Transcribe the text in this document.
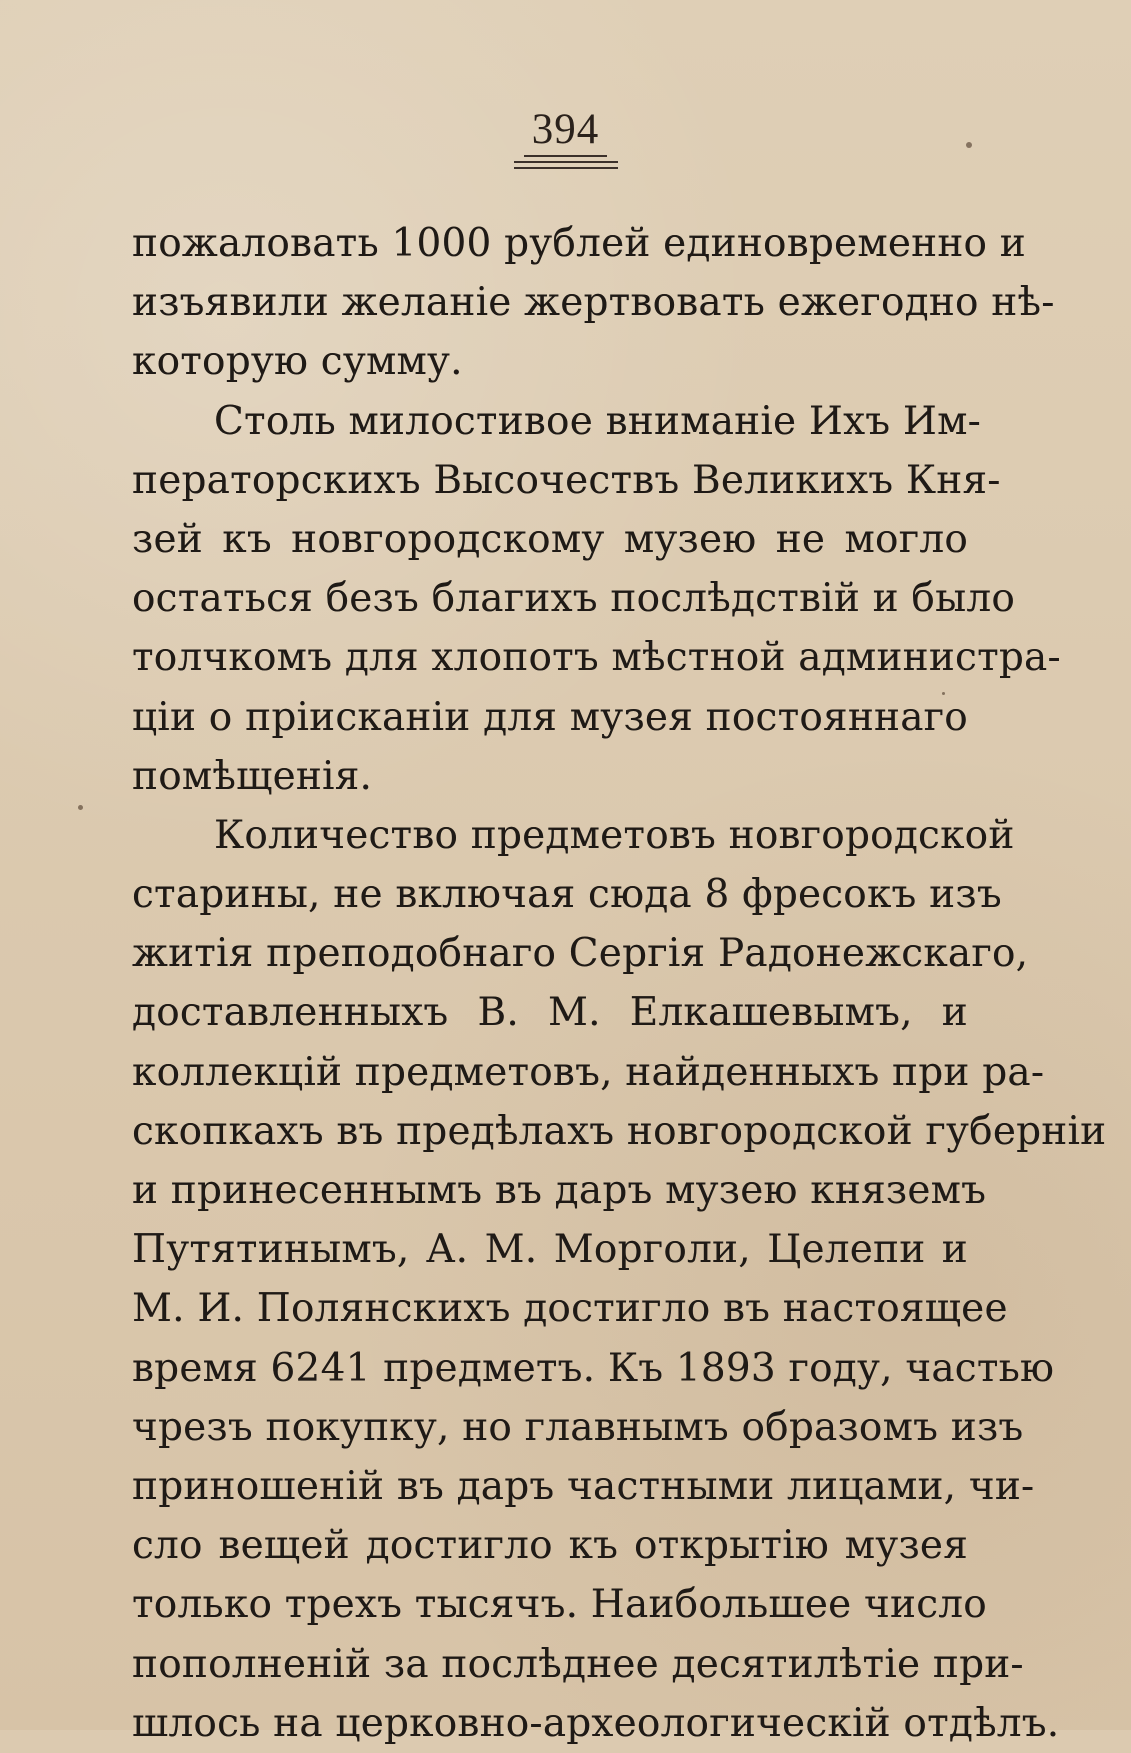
394
пожаловать 1000 рублей единовременно и
изъявили желаніе жертвовать ежегодно нѣ-
которую сумму.
Столь милостивое вниманіе Ихъ Им-
ператорскихъ Высочествъ Великихъ Кня-
зей къ новгородскому музею не могло
остаться безъ благихъ послѣдствій и было
толчкомъ для хлопотъ мѣстной администра-
ціи о пріисканіи для музея постояннаго
помѣщенія.
Количество предметовъ новгородской
старины, не включая сюда 8 фресокъ изъ
житія преподобнаго Сергія Радонежскаго,
доставленныхъ В. М. Елкашевымъ, и
коллекцій предметовъ, найденныхъ при ра-
скопкахъ въ предѣлахъ новгородской губерніи
и принесеннымъ въ даръ музею княземъ
Путятинымъ, А. М. Морголи, Целепи и
М. И. Полянскихъ достигло въ настоящее
время 6241 предметъ. Къ 1893 году, частью
чрезъ покупку, но главнымъ образомъ изъ
приношеній въ даръ частными лицами, чи-
сло вещей достигло къ открытію музея
только трехъ тысячъ. Наибольшее число
пополненій за послѣднее десятилѣтіе при-
шлось на церковно-археологическій отдѣлъ.
